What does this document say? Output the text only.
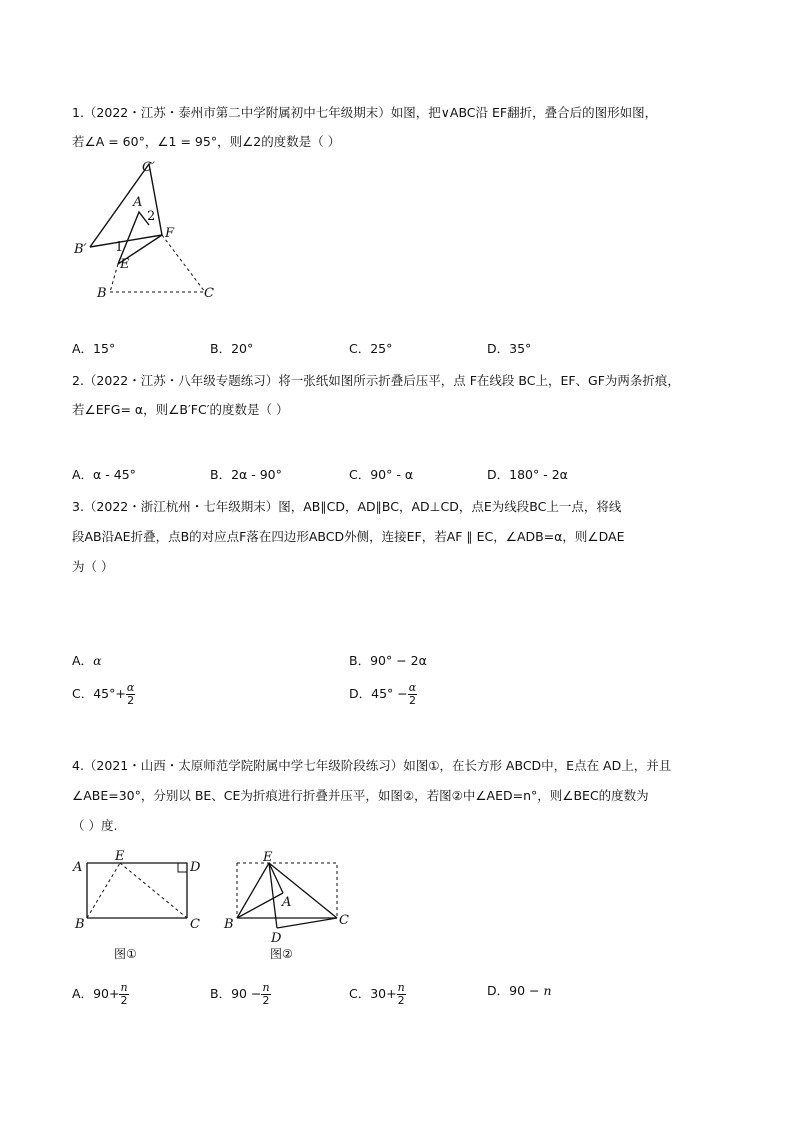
1.（2022・江苏・泰州市第二中学附属初中七年级期末）如图，把∨ABC沿 EF翻折，叠合后的图形如图，
若∠A = 60°，∠1 = 95°，则∠2的度数是（ ）
C′
A
2
B′ 1
F
E
B	C
A．15°	B．20°	C．25°	D．35°
2.（2022・江苏・八年级专题练习）将一张纸如图所示折叠后压平，点 F在线段 BC上，EF、GF为两条折痕，
若∠EFG= α，则∠B′FC′的度数是（ ）
A．α - 45°	B．2α - 90°	C．90° - α	D．180° - 2α
3.（2022・浙江杭州・七年级期末）图，AB∥CD，AD∥BC，AD⊥CD，点E为线段BC上一点，将线
段AB沿AE折叠，点B的对应点F落在四边形ABCD外侧，连接EF，若AF ∥ EC，∠ADB=α，则∠DAE
为（ ）
A．α	B．90° − 2α
C．$45^\circ+ \frac{\alpha}{2}$	D．$45^\circ - \frac{\alpha}{2}$
4.（2021・山西・太原师范学院附属中学七年级阶段练习）如图①，在长方形 ABCD中，E点在 AD上，并且
∠ABE=30°，分别以 BE、CE为折痕进行折叠并压平，如图②，若图②中∠AED=n°，则∠BEC的度数为
（ ）度.
A
E
D
B	C
图①
E
A
B	C
D
图②
A．$90+ \frac{n}{2}$	B．$90 - \frac{n}{2}$	C．$30+ \frac{n}{2}$	D．90 − n
